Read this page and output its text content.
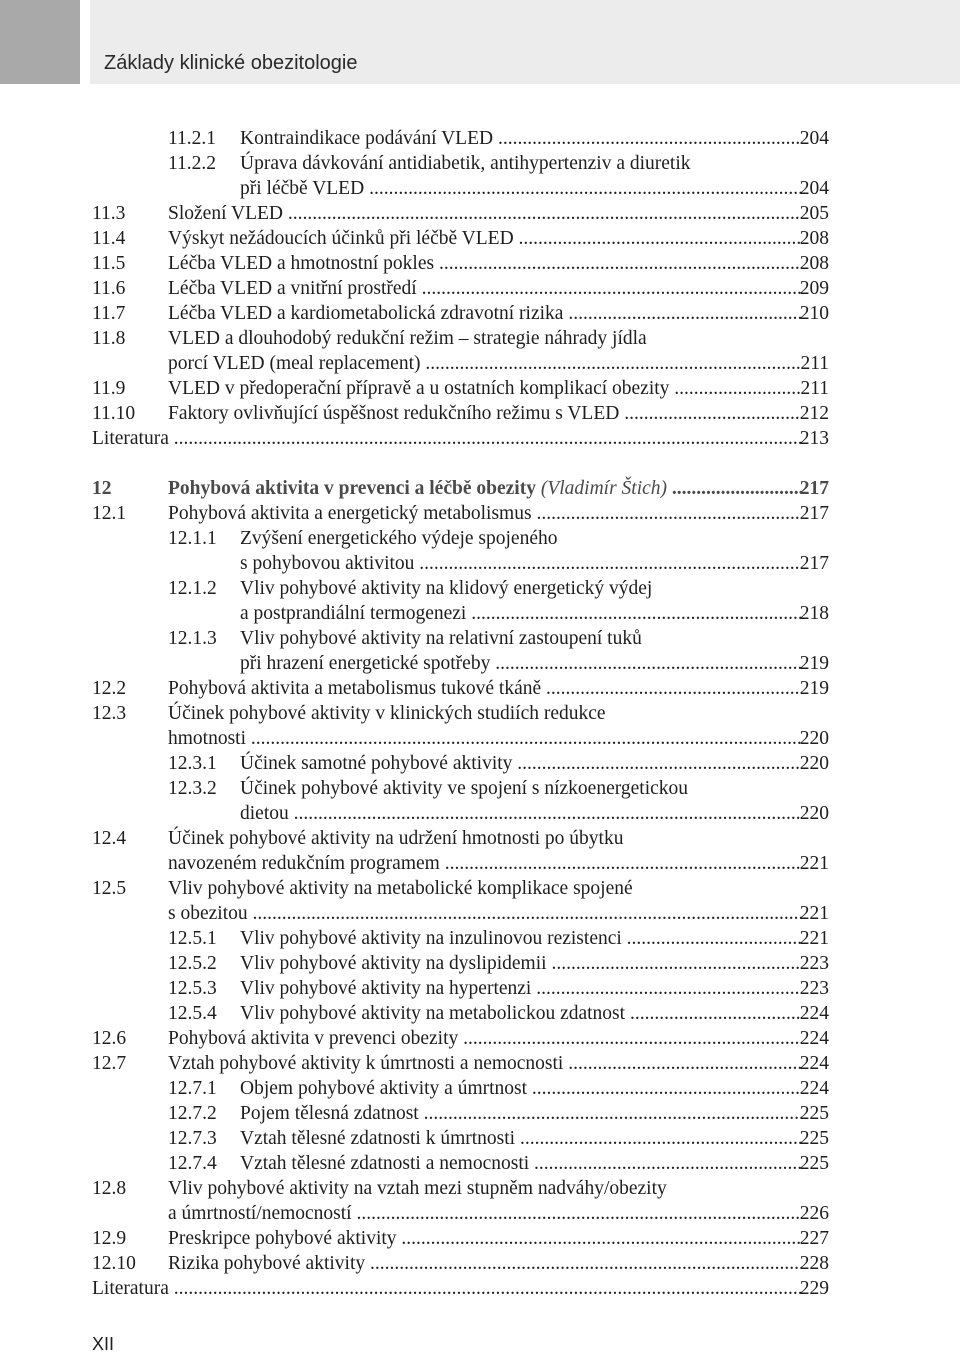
Základy klinické obezitologie
11.2.1 Kontraindikace podávání VLED .....	204
11.2.2 Úprava dávkování antidiabetik, antihypertenziv a diuretik
při léčbě VLED .....	204
11.3 Složení VLED .....	205
11.4 Výskyt nežádoucích účinků při léčbě VLED .....	208
11.5 Léčba VLED a hmotnostní pokles .....	208
11.6 Léčba VLED a vnitřní prostředí .....	209
11.7 Léčba VLED a kardiometabolická zdravotní rizika .....	210
11.8 VLED a dlouhodobý redukční režim – strategie náhrady jídla
porcí VLED (meal replacement) .....	211
11.9 VLED v předoperační přípravě a u ostatních komplikací obezity .....	211
11.10 Faktory ovlivňující úspěšnost redukčního režimu s VLED .....	212
Literatura .....	213
12	Pohybová aktivita v prevenci a léčbě obezity (Vladimír Štich) .....	217
12.1 Pohybová aktivita a energetický metabolismus .....	217
12.1.1 Zvýšení energetického výdeje spojeného
s pohybovou aktivitou .....	217
12.1.2 Vliv pohybové aktivity na klidový energetický výdej
a postprandiální termogenezi .....	218
12.1.3 Vliv pohybové aktivity na relativní zastoupení tuků
při hrazení energetické spotřeby .....	219
12.2 Pohybová aktivita a metabolismus tukové tkáně .....	219
12.3 Účinek pohybové aktivity v klinických studiích redukce
hmotnosti .....	220
12.3.1 Účinek samotné pohybové aktivity .....	220
12.3.2 Účinek pohybové aktivity ve spojení s nízkoenergetickou
dietou .....	220
12.4 Účinek pohybové aktivity na udržení hmotnosti po úbytku
navozeném redukčním programem .....	221
12.5 Vliv pohybové aktivity na metabolické komplikace spojené
s obezitou .....	221
12.5.1 Vliv pohybové aktivity na inzulinovou rezistenci .....	221
12.5.2 Vliv pohybové aktivity na dyslipidemii .....	223
12.5.3 Vliv pohybové aktivity na hypertenzi .....	223
12.5.4 Vliv pohybové aktivity na metabolickou zdatnost .....	224
12.6 Pohybová aktivita v prevenci obezity .....	224
12.7 Vztah pohybové aktivity k úmrtnosti a nemocnosti .....	224
12.7.1 Objem pohybové aktivity a úmrtnost .....	224
12.7.2 Pojem tělesná zdatnost .....	225
12.7.3 Vztah tělesné zdatnosti k úmrtnosti .....	225
12.7.4 Vztah tělesné zdatnosti a nemocnosti .....	225
12.8 Vliv pohybové aktivity na vztah mezi stupněm nadváhy/obezity
a úmrtností/nemocností .....	226
12.9 Preskripce pohybové aktivity .....	227
12.10 Rizika pohybové aktivity .....	228
Literatura .....	229
XII
